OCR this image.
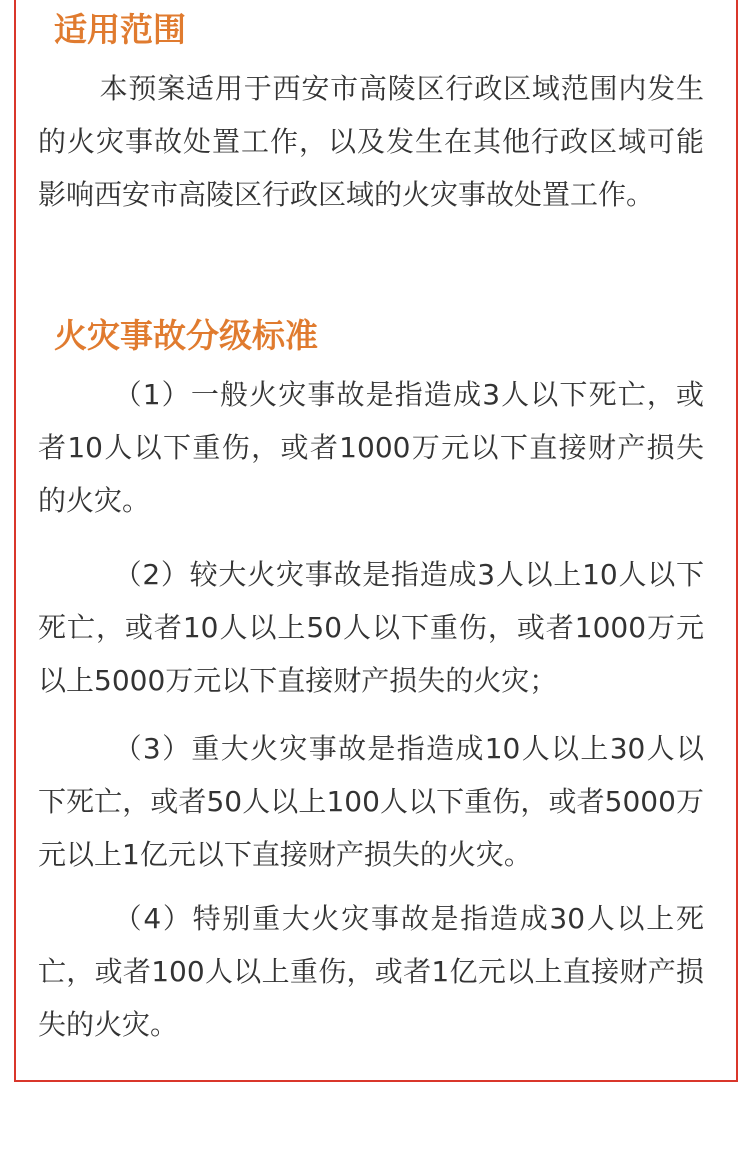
适用范围

本预案适用于西安市高陵区行政区域范围内发生的火灾事故处置工作，以及发生在其他行政区域可能影响西安市高陵区行政区域的火灾事故处置工作。

火灾事故分级标准

（1）一般火灾事故是指造成3人以下死亡，或者10人以下重伤，或者1000万元以下直接财产损失的火灾。

（2）较大火灾事故是指造成3人以上10人以下死亡，或者10人以上50人以下重伤，或者1000万元以上5000万元以下直接财产损失的火灾；

（3）重大火灾事故是指造成10人以上30人以下死亡，或者50人以上100人以下重伤，或者5000万元以上1亿元以下直接财产损失的火灾。

（4）特别重大火灾事故是指造成30人以上死亡，或者100人以上重伤，或者1亿元以上直接财产损失的火灾。
